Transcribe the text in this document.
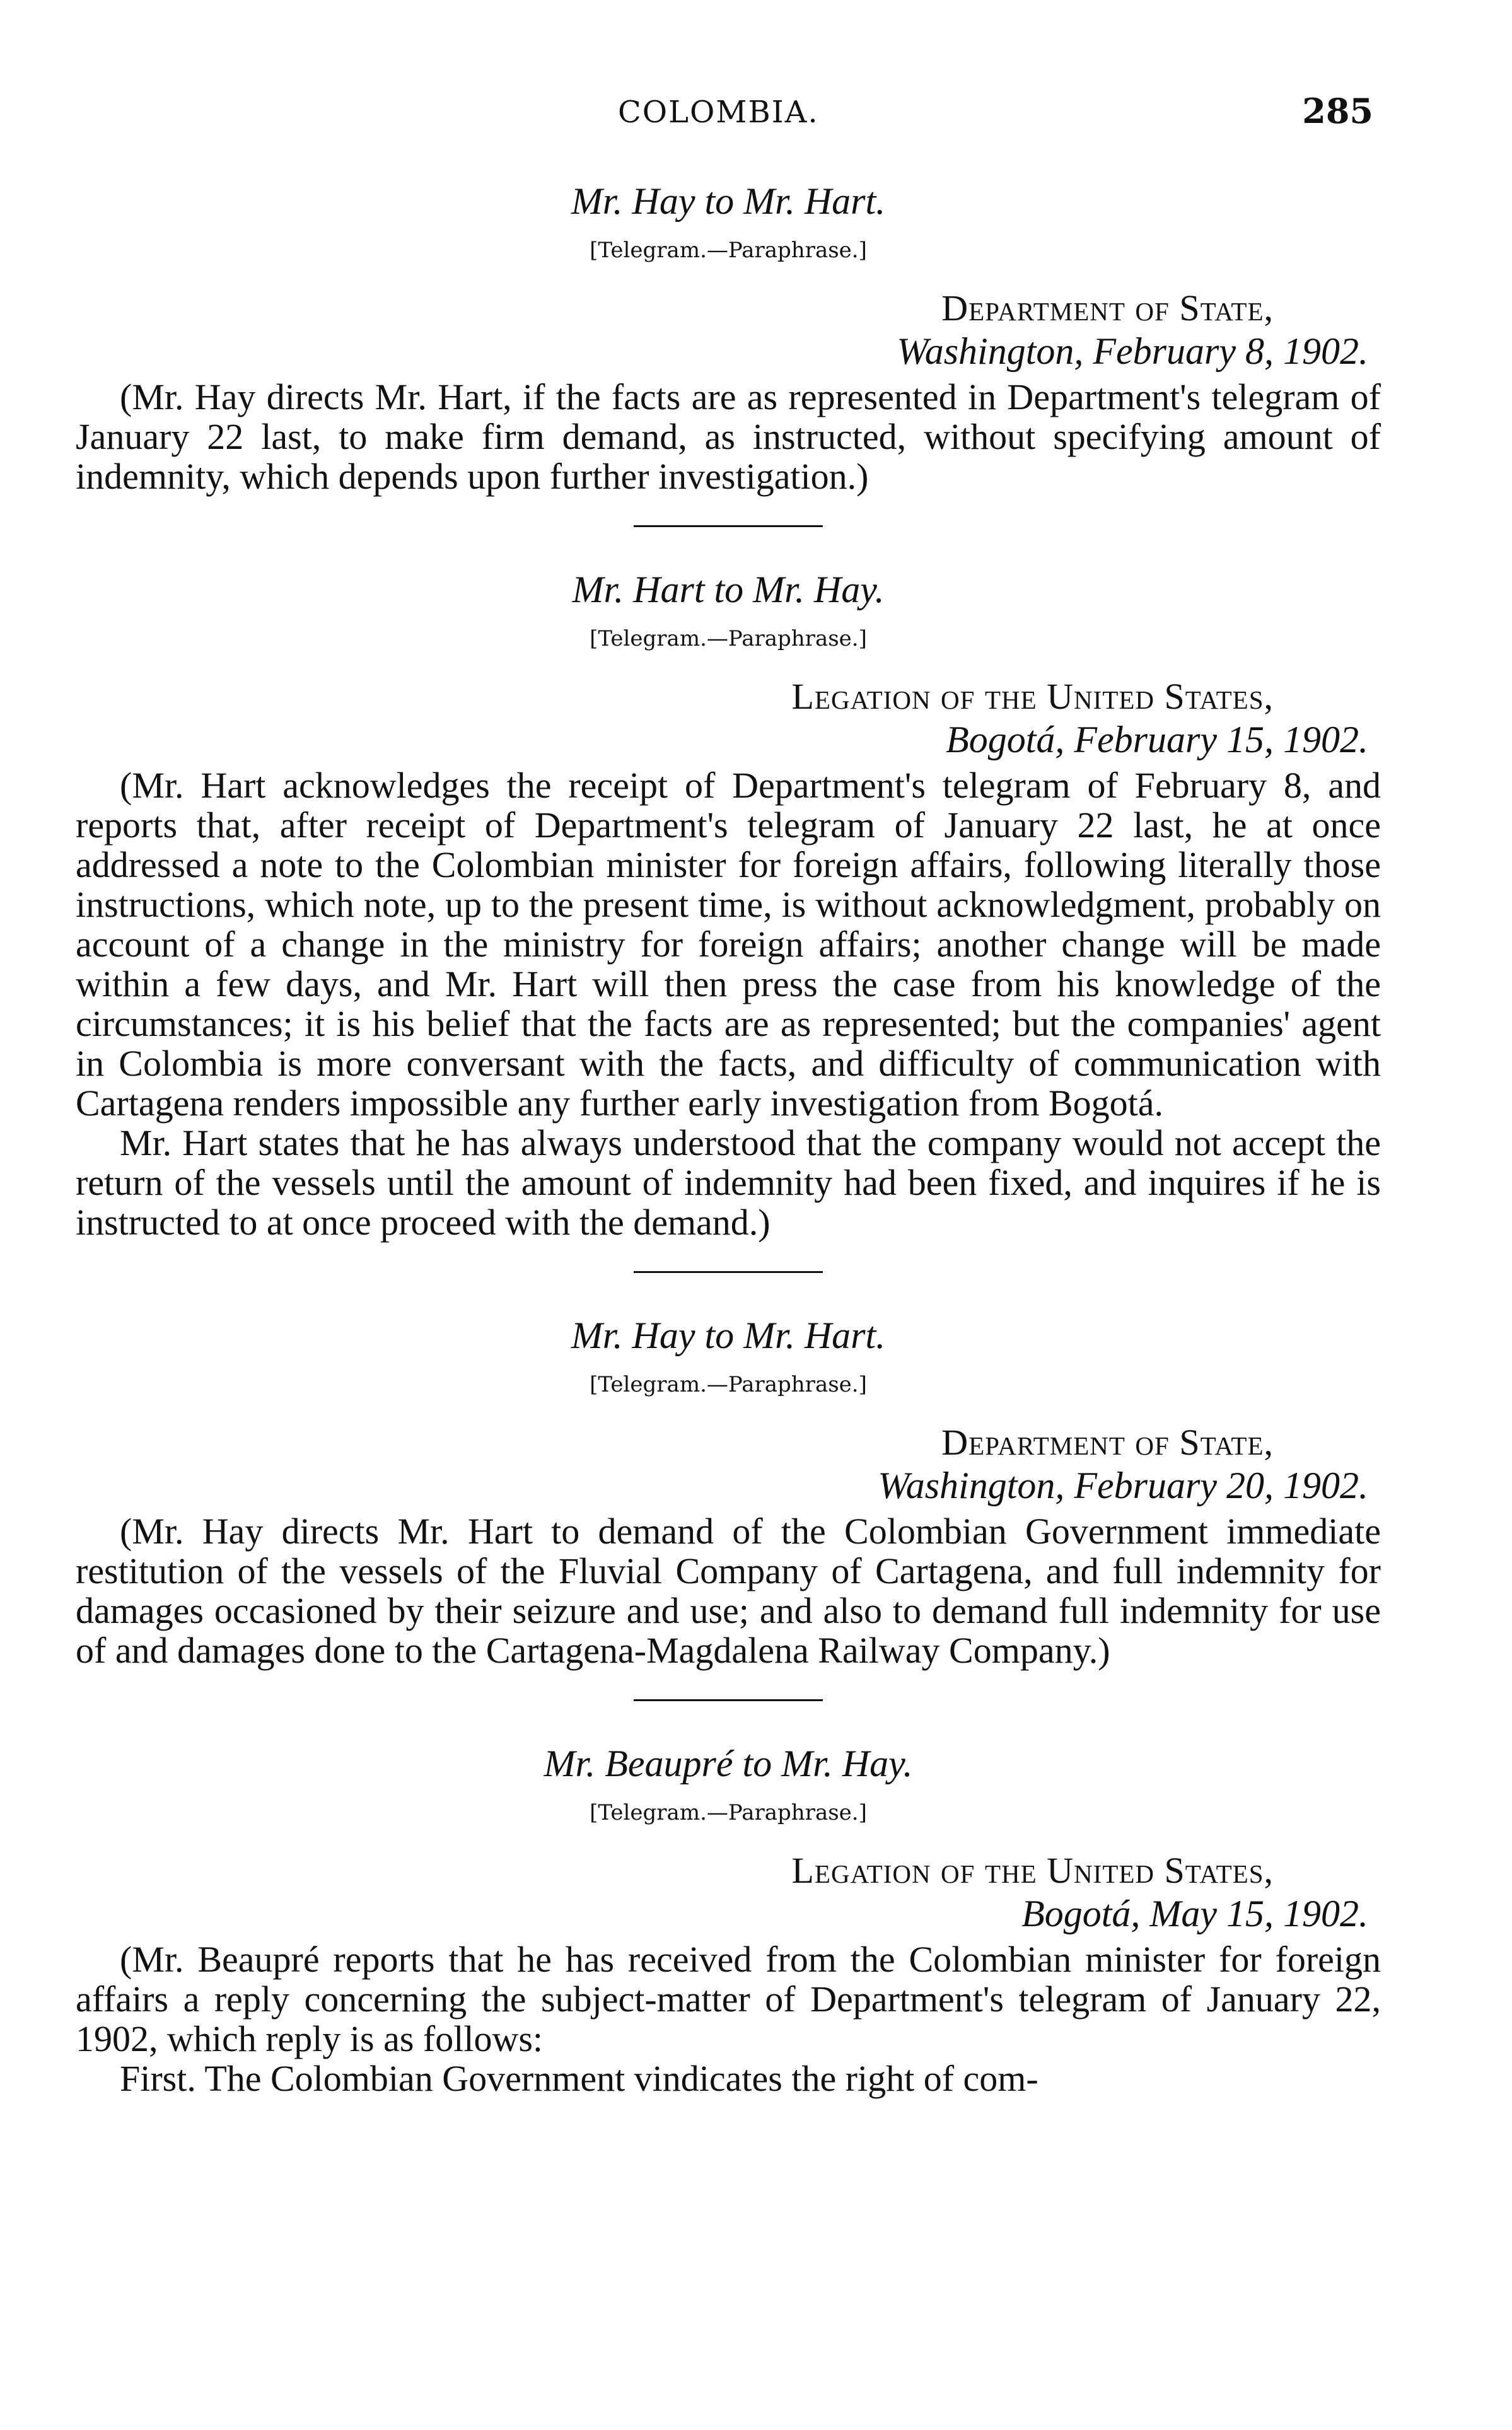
COLOMBIA.	285
Mr. Hay to Mr. Hart.
[Telegram.—Paraphrase.]
Department of State,
Washington, February 8, 1902.

(Mr. Hay directs Mr. Hart, if the facts are as represented in Department's telegram of January 22 last, to make firm demand, as instructed, without specifying amount of indemnity, which depends upon further investigation.)

Mr. Hart to Mr. Hay.
[Telegram.—Paraphrase.]
Legation of the United States,
Bogotá, February 15, 1902.

(Mr. Hart acknowledges the receipt of Department's telegram of February 8, and reports that, after receipt of Department's telegram of January 22 last, he at once addressed a note to the Colombian minister for foreign affairs, following literally those instructions, which note, up to the present time, is without acknowledgment, probably on account of a change in the ministry for foreign affairs; another change will be made within a few days, and Mr. Hart will then press the case from his knowledge of the circumstances; it is his belief that the facts are as represented; but the companies' agent in Colombia is more conversant with the facts, and difficulty of communication with Cartagena renders impossible any further early investigation from Bogotá.

Mr. Hart states that he has always understood that the company would not accept the return of the vessels until the amount of indemnity had been fixed, and inquires if he is instructed to at once proceed with the demand.)

Mr. Hay to Mr. Hart.
[Telegram.—Paraphrase.]
Department of State,
Washington, February 20, 1902.

(Mr. Hay directs Mr. Hart to demand of the Colombian Government immediate restitution of the vessels of the Fluvial Company of Cartagena, and full indemnity for damages occasioned by their seizure and use; and also to demand full indemnity for use of and damages done to the Cartagena-Magdalena Railway Company.)

Mr. Beaupré to Mr. Hay.
[Telegram.—Paraphrase.]
Legation of the United States,
Bogotá, May 15, 1902.

(Mr. Beaupré reports that he has received from the Colombian minister for foreign affairs a reply concerning the subject-matter of Department's telegram of January 22, 1902, which reply is as follows:

First. The Colombian Government vindicates the right of com-
